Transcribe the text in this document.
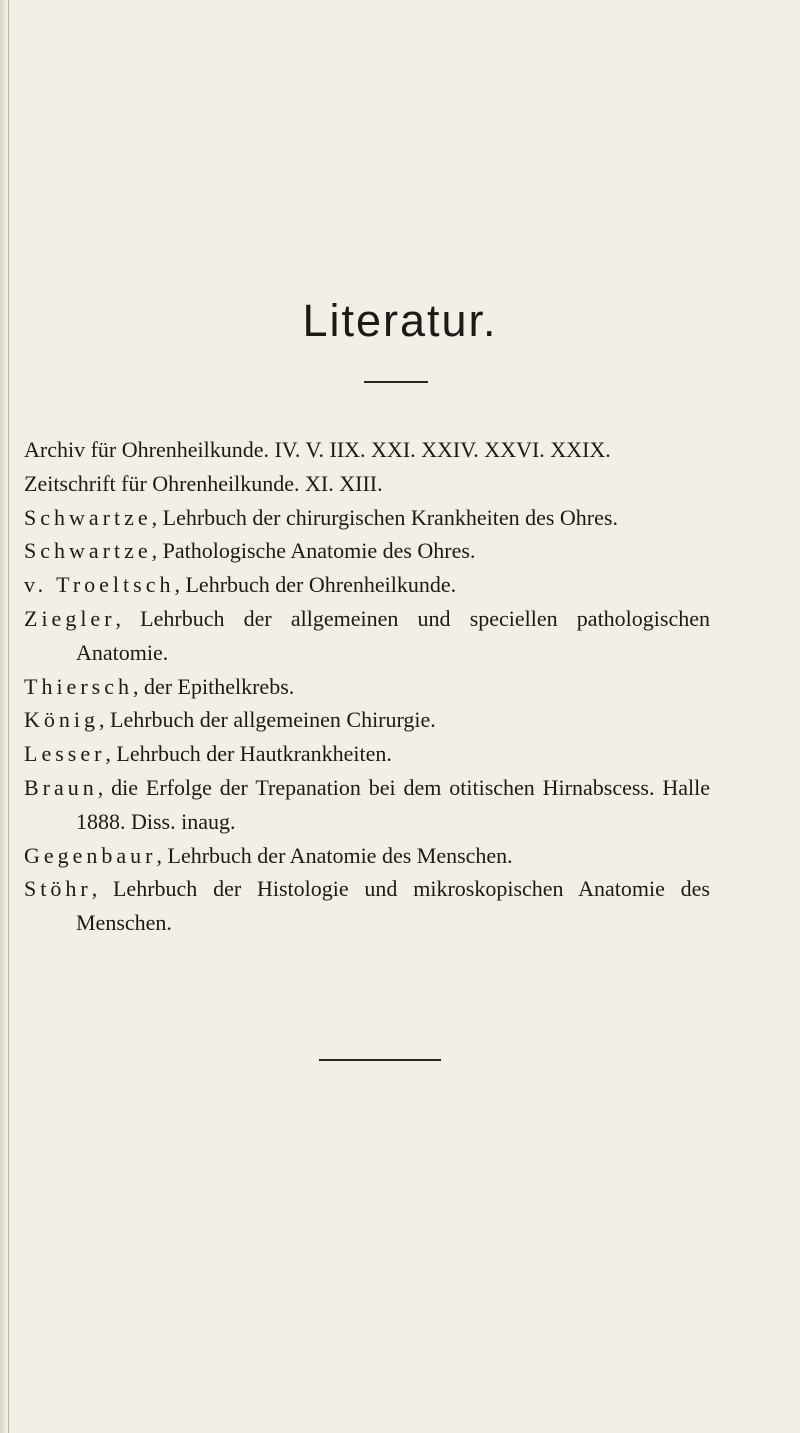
Literatur.
Archiv für Ohrenheilkunde. IV. V. IIX. XXI. XXIV. XXVI. XXIX.
Zeitschrift für Ohrenheilkunde. XI. XIII.
Schwartze, Lehrbuch der chirurgischen Krankheiten des Ohres.
Schwartze, Pathologische Anatomie des Ohres.
v. Troeltsch, Lehrbuch der Ohrenheilkunde.
Ziegler, Lehrbuch der allgemeinen und speciellen pathologischen Anatomie.
Thiersch, der Epithelkrebs.
König, Lehrbuch der allgemeinen Chirurgie.
Lesser, Lehrbuch der Hautkrankheiten.
Braun, die Erfolge der Trepanation bei dem otitischen Hirnabscess. Halle 1888. Diss. inaug.
Gegenbaur, Lehrbuch der Anatomie des Menschen.
Stöhr, Lehrbuch der Histologie und mikroskopischen Anatomie des Menschen.
